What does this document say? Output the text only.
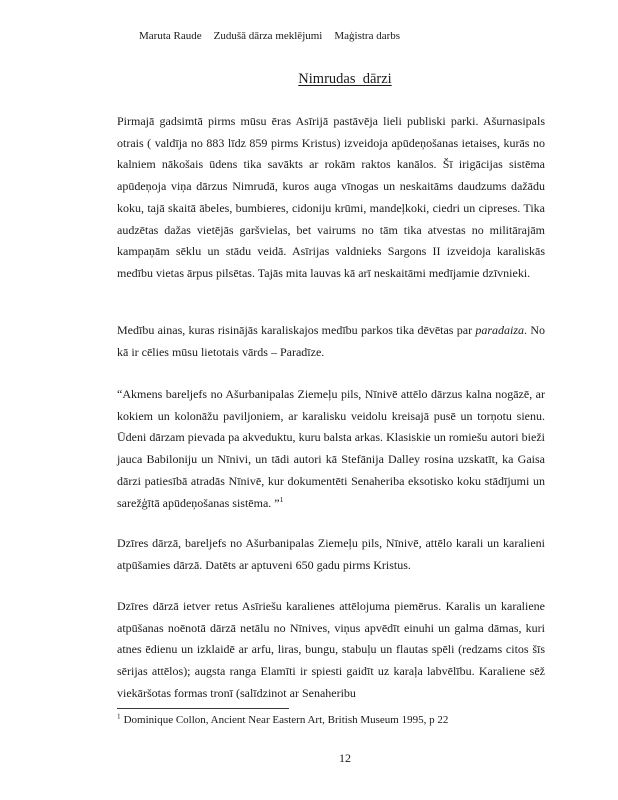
Maruta Raude Zudušā dārza meklējumi Maģistra darbs
Nimrudas  dārzi

Pirmajā gadsimtā pirms mūsu ēras Asīrijā pastāvēja lieli publiski parki. Ašurnasipals otrais ( valdīja no 883 līdz 859 pirms Kristus) izveidoja apūdeņošanas ietaises, kurās no kalniem nākošais ūdens tika savākts ar rokām raktos kanālos. Šī irigācijas sistēma apūdeņoja viņa dārzus Nimrudā, kuros auga vīnogas un neskaitāms daudzums dažādu koku, tajā skaitā ābeles, bumbieres, cidoniju krūmi, mandeļkoki, ciedri un cipreses. Tika audzētas dažas vietējās garšvielas, bet vairums no tām tika atvestas no militārajām kampaņām sēklu un stādu veidā. Asīrijas valdnieks Sargons II izveidoja karaliskās medību vietas ārpus pilsētas. Tajās mita lauvas kā arī neskaitāmi medījamie dzīvnieki.

Medību ainas, kuras risinājās karaliskajos medību parkos tika dēvētas par paradaiza. No kā ir cēlies mūsu lietotais vārds – Paradīze.

“Akmens bareljefs no Ašurbanipalas Ziemeļu pils, Nīnivē attēlo dārzus kalna nogāzē, ar kokiem un kolonāžu paviljoniem, ar karalisku veidolu kreisajā pusē un torņotu sienu. Ūdeni dārzam pievada pa akveduktu, kuru balsta arkas. Klasiskie un romiešu autori bieži jauca Babiloniju un Nīnivi, un tādi autori kā Stefānija Dalley rosina uzskatīt, ka Gaisa dārzi patiesībā atradās Nīnivē, kur dokumentēti Senaheriba eksotisko koku stādījumi un sarežģītā apūdeņošanas sistēma. ”$^1$

Dzīres dārzā, bareljefs no Ašurbanipalas Ziemeļu pils, Nīnivē, attēlo karali un karalieni atpūšamies dārzā. Datēts ar aptuveni 650 gadu pirms Kristus.

Dzīres dārzā ietver retus Asīriešu karalienes attēlojuma piemērus. Karalis un karaliene atpūšanas noēnotā dārzā netālu no Nīnives, viņus apvēdīt einuhi un galma dāmas, kuri atnes ēdienu un izklaidē ar arfu, liras, bungu, stabuļu un flautas spēli (redzams citos šīs sērijas attēlos); augsta ranga Elamīti ir spiesti gaidīt uz karaļa labvēlību. Karaliene sēž viekāršotas formas tronī (salīdzinot ar Senaheribu

$^1$ Dominique Collon, Ancient Near Eastern Art, British Museum 1995, p 22

12
